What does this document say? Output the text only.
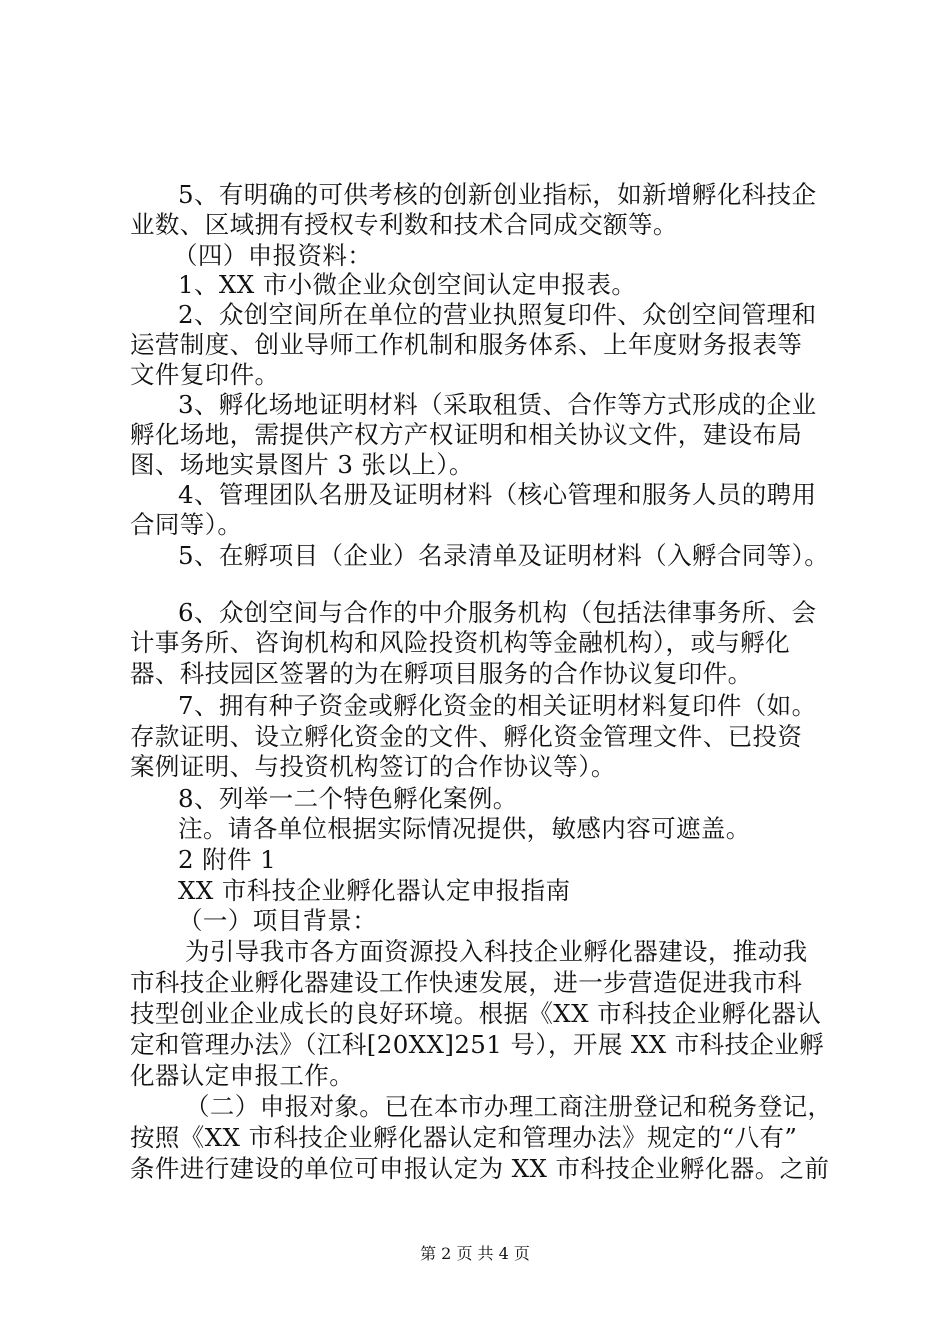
5、有明确的可供考核的创新创业指标，如新增孵化科技企
业数、区域拥有授权专利数和技术合同成交额等。
（四）申报资料：
1、XX 市小微企业众创空间认定申报表。
2、众创空间所在单位的营业执照复印件、众创空间管理和
运营制度、创业导师工作机制和服务体系、上年度财务报表等
文件复印件。
3、孵化场地证明材料（采取租赁、合作等方式形成的企业
孵化场地，需提供产权方产权证明和相关协议文件，建设布局
图、场地实景图片 3 张以上）。
4、管理团队名册及证明材料（核心管理和服务人员的聘用
合同等）。
5、在孵项目（企业）名录清单及证明材料（入孵合同等）。
6、众创空间与合作的中介服务机构（包括法律事务所、会
计事务所、咨询机构和风险投资机构等金融机构），或与孵化
器、科技园区签署的为在孵项目服务的合作协议复印件。
7、拥有种子资金或孵化资金的相关证明材料复印件（如。
存款证明、设立孵化资金的文件、孵化资金管理文件、已投资
案例证明、与投资机构签订的合作协议等）。
8、列举一二个特色孵化案例。
注。请各单位根据实际情况提供，敏感内容可遮盖。
2 附件 1
XX 市科技企业孵化器认定申报指南
（一）项目背景：
为引导我市各方面资源投入科技企业孵化器建设，推动我
市科技企业孵化器建设工作快速发展，进一步营造促进我市科
技型创业企业成长的良好环境。根据《XX 市科技企业孵化器认
定和管理办法》（江科[20XX]251 号），开展 XX 市科技企业孵
化器认定申报工作。
（二）申报对象。已在本市办理工商注册登记和税务登记，
按照《XX 市科技企业孵化器认定和管理办法》规定的“八有”
条件进行建设的单位可申报认定为 XX 市科技企业孵化器。之前
第 2 页 共 4 页
